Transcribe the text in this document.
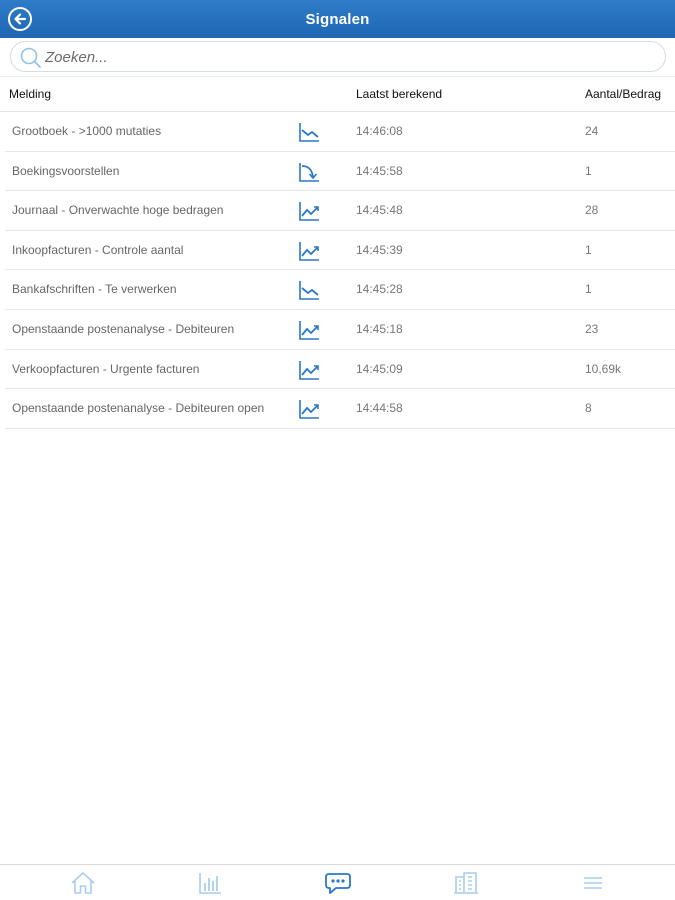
Signalen
Zoeken...
Melding	Laatst berekend	Aantal/Bedrag
Grootboek - >1000 mutaties	14:46:08	24
Boekingsvoorstellen	14:45:58	1
Journaal - Onverwachte hoge bedragen	14:45:48	28
Inkoopfacturen - Controle aantal	14:45:39	1
Bankafschriften - Te verwerken	14:45:28	1
Openstaande postenanalyse - Debiteuren	14:45:18	23
Verkoopfacturen - Urgente facturen	14:45:09	10,69k
Openstaande postenanalyse - Debiteuren open	14:44:58	8
